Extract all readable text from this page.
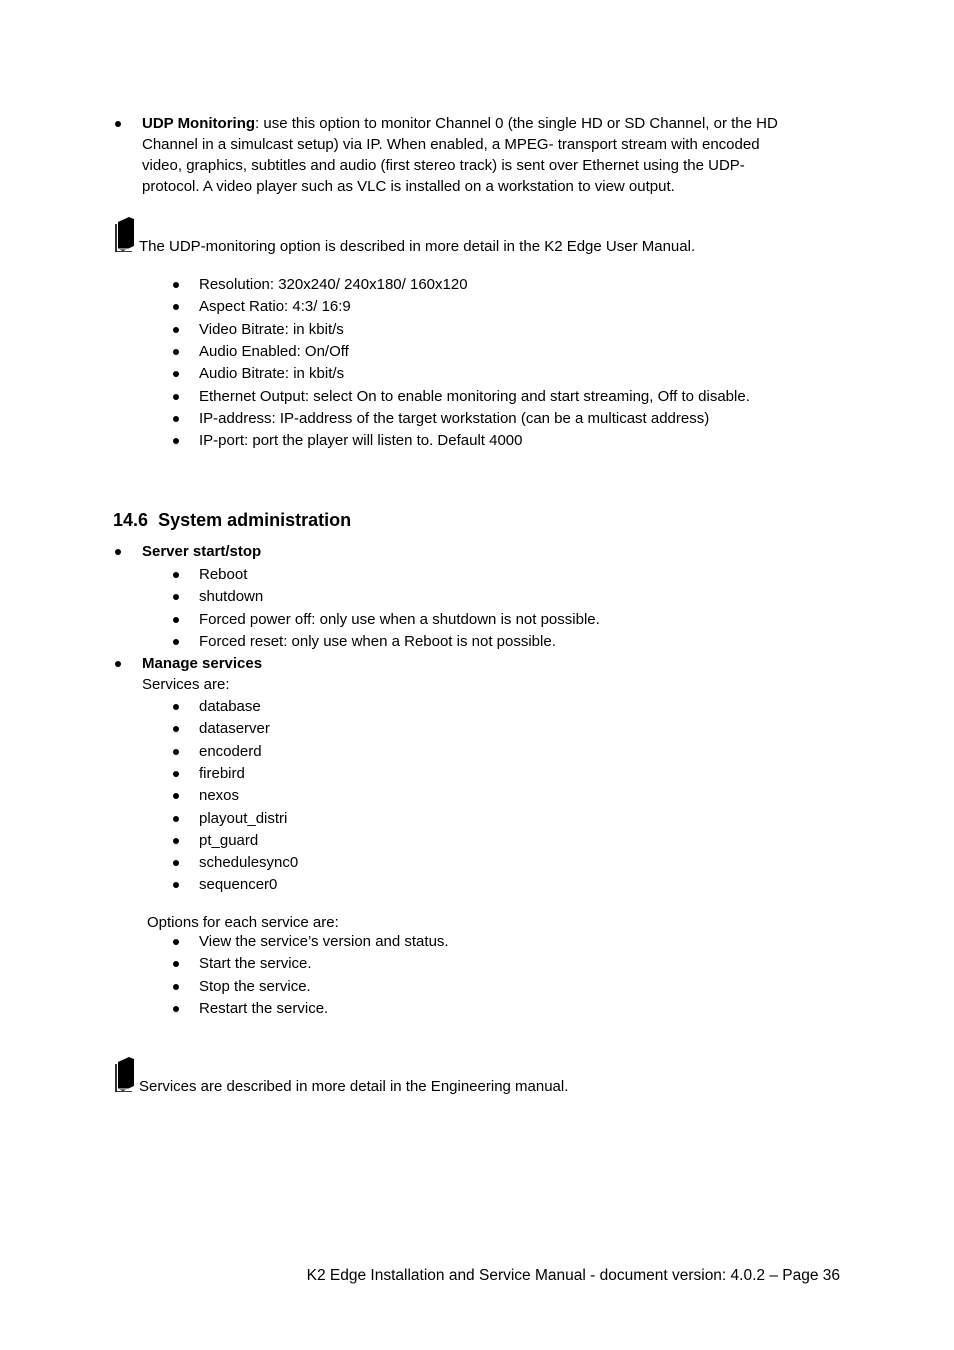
UDP Monitoring: use this option to monitor Channel 0 (the single HD or SD Channel, or the HD
Channel in a simulcast setup) via IP. When enabled, a MPEG- transport stream with encoded
video, graphics, subtitles and audio (first stereo track) is sent over Ethernet using the UDP-
protocol. A video player such as VLC is installed on a workstation to view output.
The UDP-monitoring option is described in more detail in the K2 Edge User Manual.
Resolution: 320x240/ 240x180/ 160x120
Aspect Ratio: 4:3/ 16:9
Video Bitrate: in kbit/s
Audio Enabled: On/Off
Audio Bitrate: in kbit/s
Ethernet Output: select On to enable monitoring and start streaming, Off to disable.
IP-address: IP-address of the target workstation (can be a multicast address)
IP-port: port the player will listen to. Default 4000
14.6 System administration
Server start/stop
Reboot
shutdown
Forced power off: only use when a shutdown is not possible.
Forced reset: only use when a Reboot is not possible.
Manage services
Services are:
database
dataserver
encoderd
firebird
nexos
playout_distri
pt_guard
schedulesync0
sequencer0
Options for each service are:
View the service’s version and status.
Start the service.
Stop the service.
Restart the service.
Services are described in more detail in the Engineering manual.
K2 Edge Installation and Service Manual - document version: 4.0.2 – Page 36
